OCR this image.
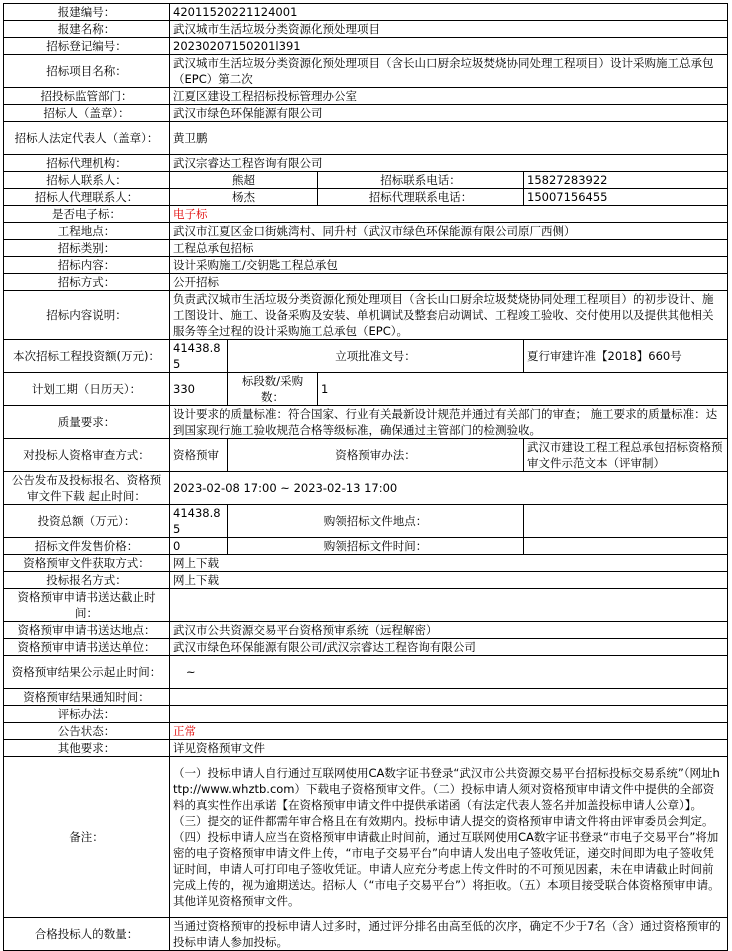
报建编号：	42011520221124001			
报建名称：	武汉城市生活垃圾分类资源化预处理项目			
招标登记编号：	20230207150201l391			
招标项目名称：	武汉城市生活垃圾分类资源化预处理项目（含长山口厨余垃圾焚烧协同处理工程项目）设计采购施工总承包（EPC）第二次			
招投标监管部门：	江夏区建设工程招标投标管理办公室			
招标人（盖章）：	武汉市绿色环保能源有限公司			
招标人法定代表人（盖章）：	黄卫鹏			
招标代理机构：	武汉宗睿达工程咨询有限公司			
招标人联系人：	熊超		招标联系电话：	15827283922
招标人代理联系人：	杨杰		招标代理联系电话：	15007156455
是否电子标：	电子标			
工程地点：	武汉市江夏区金口街姚湾村、同升村（武汉市绿色环保能源有限公司原厂西侧）			
招标类别：	工程总承包招标			
招标内容：	设计采购施工/交钥匙工程总承包			
招标方式：	公开招标			
招标内容说明：	负责武汉城市生活垃圾分类资源化预处理项目（含长山口厨余垃圾焚烧协同处理工程项目）的初步设计、施工图设计、施工、设备采购及安装、单机调试及整套启动调试、工程竣工验收、交付使用以及提供其他相关服务等全过程的设计采购施工总承包（EPC）。			
本次招标工程投资额(万元)：	41438.85	立项批准文号：		夏行审建许准【2018】660号
计划工期（日历天）：	330	标段数/采购数：	1	
质量要求：	设计要求的质量标准：符合国家、行业有关最新设计规范并通过有关部门的审查； 施工要求的质量标准：达到国家现行施工验收规范合格等级标准，确保通过主管部门的检测验收。			
对投标人资格审查方式：	资格预审	资格预审办法：		武汉市建设工程工程总承包招标资格预审文件示范文本（评审制）
公告发布及投标报名、资格预审文件下载 起止时间：	2023-02-08 17:00 ~ 2023-02-13 17:00			
投资总额（万元）：	41438.85	购领招标文件地点：		
招标文件发售价格：	0	购领招标文件时间：		
资格预审文件获取方式：	网上下载			
投标报名方式：	网上下载			
资格预审申请书送达截止时间：				
资格预审申请书送达地点：	武汉市公共资源交易平台资格预审系统（远程解密）			
资格预审申请书送达单位：	武汉市绿色环保能源有限公司/武汉宗睿达工程咨询有限公司			
资格预审结果公示起止时间：	~			
资格预审结果通知时间：				
评标办法：				
公告状态：	正常			
其他要求：	详见资格预审文件			
备注：	（一）投标申请人自行通过互联网使用CA数字证书登录“武汉市公共资源交易平台招标投标交易系统”（网址http://www.whztb.com）下载电子资格预审文件。（二）投标申请人须对资格预审申请文件中提供的全部资料的真实性作出承诺【在资格预审申请文件中提供承诺函（有法定代表人签名并加盖投标申请人公章）】。（三）提交的证件都需年审合格且在有效期内。投标申请人提交的资格预审申请文件将由评审委员会判定。（四）投标申请人应当在资格预审申请截止时间前，通过互联网使用CA数字证书登录“市电子交易平台”将加密的电子资格预审申请文件上传，“市电子交易平台”向申请人发出电子签收凭证，递交时间即为电子签收凭证时间，申请人可打印电子签收凭证。申请人应充分考虑上传文件时的不可预见因素，未在申请截止时间前完成上传的，视为逾期送达。招标人（“市电子交易平台”）将拒收。（五）本项目接受联合体资格预审申请。其他详见资格预审文件。			
合格投标人的数量：	当通过资格预审的投标申请人过多时，通过评分排名由高至低的次序，确定不少于7名（含）通过资格预审的投标申请人参加投标。			
